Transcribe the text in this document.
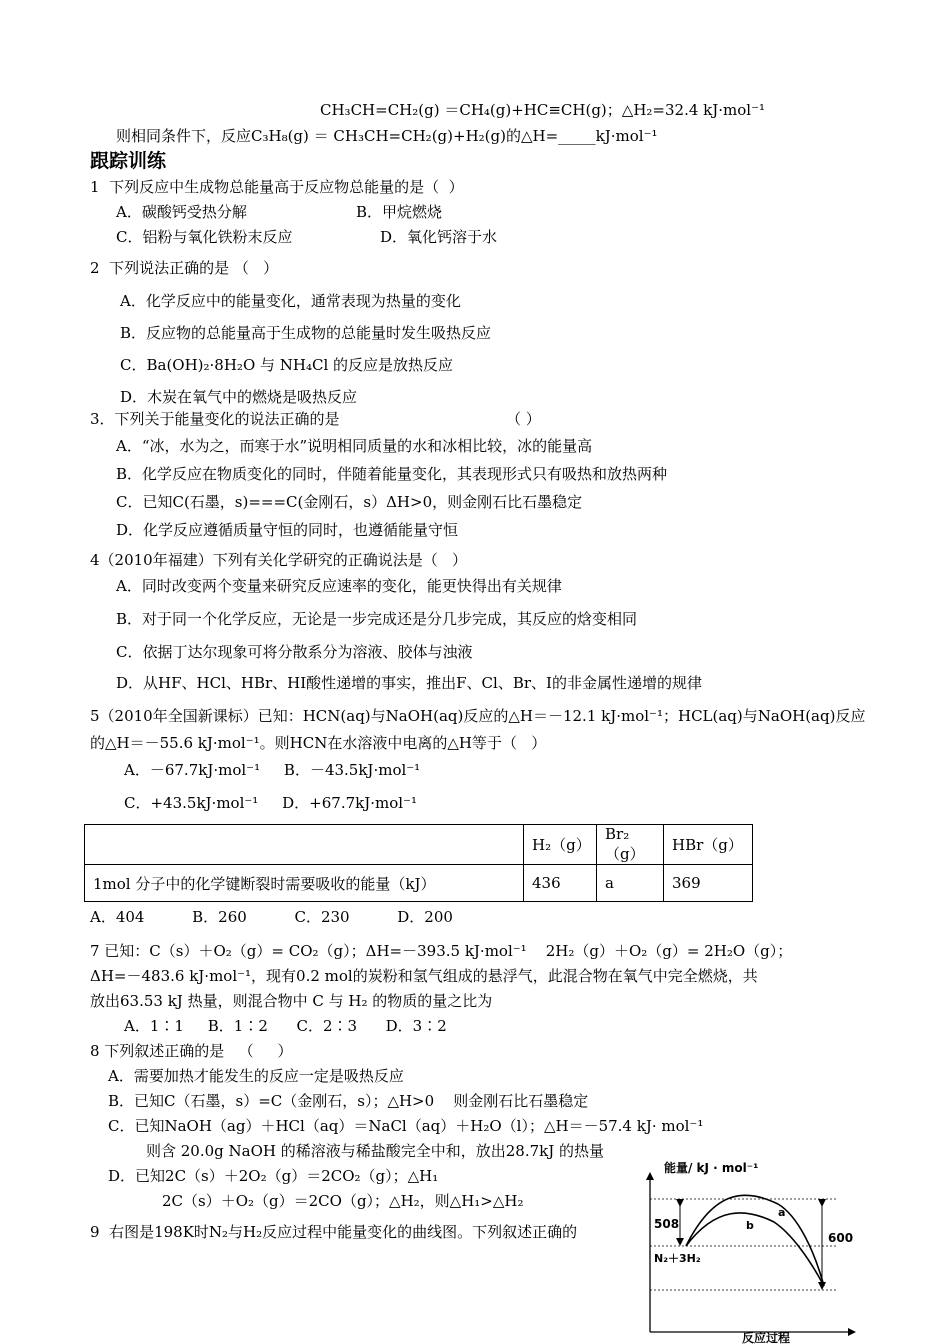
CH₃CH=CH₂(g) ＝CH₄(g)+HC≡CH(g)；△H₂=32.4 kJ·mol⁻¹
则相同条件下，反应C₃H₈(g) ＝ CH₃CH=CH₂(g)+H₂(g)的△H=_____kJ·mol⁻¹
跟踪训练
1  下列反应中生成物总能量高于反应物总能量的是（  ）
A．碳酸钙受热分解	B．甲烷燃烧
C．铝粉与氧化铁粉末反应	D．氧化钙溶于水
2  下列说法正确的是 （   ）
A．化学反应中的能量变化，通常表现为热量的变化
B．反应物的总能量高于生成物的总能量时发生吸热反应
C．Ba(OH)₂·8H₂O 与 NH₄Cl 的反应是放热反应
D．木炭在氧气中的燃烧是吸热反应
3．下列关于能量变化的说法正确的是	（ ）
A．“冰，水为之，而寒于水”说明相同质量的水和冰相比较，冰的能量高
B．化学反应在物质变化的同时，伴随着能量变化，其表现形式只有吸热和放热两种
C．已知C(石墨，s)===C(金刚石，s）ΔH>0，则金刚石比石墨稳定
D．化学反应遵循质量守恒的同时，也遵循能量守恒
4（2010年福建）下列有关化学研究的正确说法是（   ）
A．同时改变两个变量来研究反应速率的变化，能更快得出有关规律
B．对于同一个化学反应，无论是一步完成还是分几步完成，其反应的焓变相同
C．依据丁达尔现象可将分散系分为溶液、胶体与浊液
D．从HF、HCl、HBr、HI酸性递增的事实，推出F、Cl、Br、I的非金属性递增的规律
5（2010年全国新课标）已知：HCN(aq)与NaOH(aq)反应的△H＝－12.1 kJ·mol⁻¹；HCL(aq)与NaOH(aq)反应
的△H＝－55.6 kJ·mol⁻¹。则HCN在水溶液中电离的△H等于（   ）
A．－67.7kJ·mol⁻¹     B．－43.5kJ·mol⁻¹
C．+43.5kJ·mol⁻¹     D．+67.7kJ·mol⁻¹
	H₂（g）	Br₂（g）	HBr（g）
1mol 分子中的化学键断裂时需要吸收的能量（kJ）	436	a	369
A．404          B．260          C．230          D．200
7 已知：C（s）＋O₂（g）= CO₂（g）；ΔH=－393.5 kJ·mol⁻¹    2H₂（g）＋O₂（g）= 2H₂O（g）；
ΔH=－483.6 kJ·mol⁻¹，现有0.2 mol的炭粉和氢气组成的悬浮气，此混合物在氧气中完全燃烧，共
放出63.53 kJ 热量，则混合物中 C 与 H₂ 的物质的量之比为
A．1∶1     B．1∶2      C．2∶3      D．3∶2
8 下列叙述正确的是   （     ）
A．需要加热才能发生的反应一定是吸热反应
B．已知C（石墨，s）=C（金刚石，s）；△H>0    则金刚石比石墨稳定
C．已知NaOH（ag）＋HCl（aq）＝NaCl（aq）＋H₂O（l）；△H＝－57.4 kJ· mol⁻¹
则含 20.0g NaOH 的稀溶液与稀盐酸完全中和，放出28.7kJ 的热量
D．已知2C（s）＋2O₂（g）＝2CO₂（g）；△H₁
2C（s）＋O₂（g）＝2CO（g）；△H₂，则△H₁>△H₂
9  右图是198K时N₂与H₂反应过程中能量变化的曲线图。下列叙述正确的
能量/ kJ · mol⁻¹
反应过程
508
600
N₂＋3H₂
a
b
